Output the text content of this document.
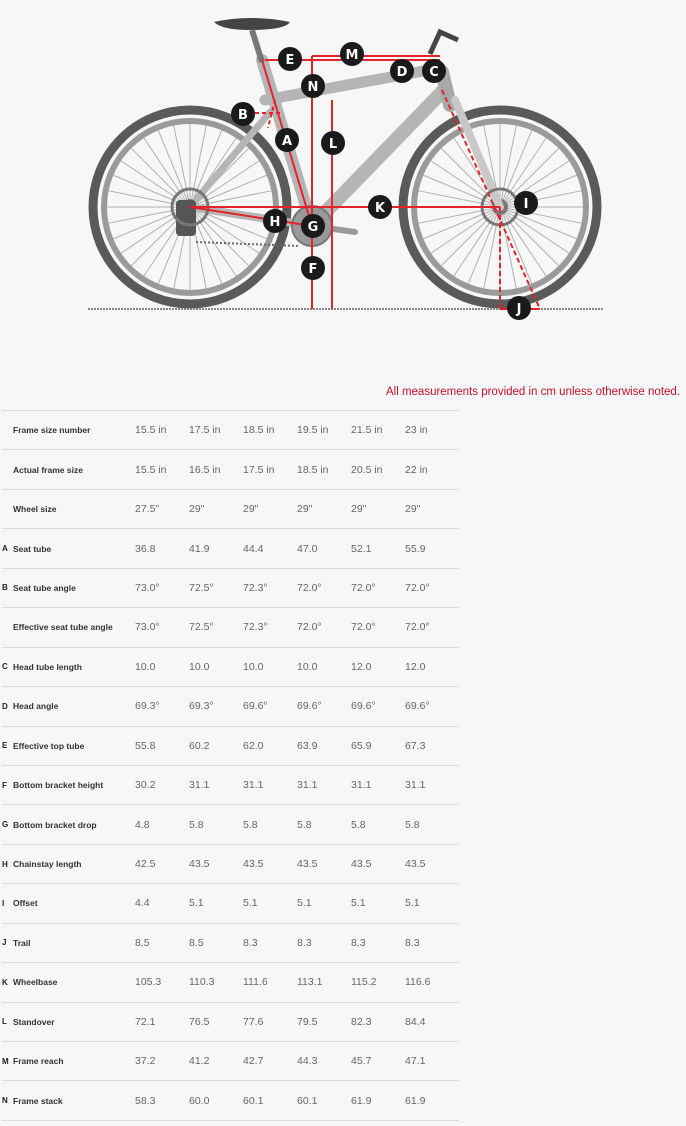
E	M
D C
N
B
A	L
K	I
H G
F
J
All measurements provided in cm unless otherwise noted.
	Frame size number	15.5 in	17.5 in	18.5 in	19.5 in	21.5 in	23 in
	Actual frame size	15.5 in	16.5 in	17.5 in	18.5 in	20.5 in	22 in
	Wheel size	27.5"	29"	29"	29"	29"	29"
A	Seat tube	36.8	41.9	44.4	47.0	52.1	55.9
B	Seat tube angle	73.0°	72.5°	72.3°	72.0°	72.0°	72.0°
	Effective seat tube angle	73.0°	72.5°	72.3°	72.0°	72.0°	72.0°
C	Head tube length	10.0	10.0	10.0	10.0	12.0	12.0
D	Head angle	69.3°	69.3°	69.6°	69.6°	69.6°	69.6°
E	Effective top tube	55.8	60.2	62.0	63.9	65.9	67.3
F	Bottom bracket height	30.2	31.1	31.1	31.1	31.1	31.1
G	Bottom bracket drop	4.8	5.8	5.8	5.8	5.8	5.8
H	Chainstay length	42.5	43.5	43.5	43.5	43.5	43.5
I	Offset	4.4	5.1	5.1	5.1	5.1	5.1
J	Trail	8.5	8.5	8.3	8.3	8.3	8.3
K	Wheelbase	105.3	110.3	111.6	113.1	115.2	116.6
L	Standover	72.1	76.5	77.6	79.5	82.3	84.4
M	Frame reach	37.2	41.2	42.7	44.3	45.7	47.1
N	Frame stack	58.3	60.0	60.1	60.1	61.9	61.9
